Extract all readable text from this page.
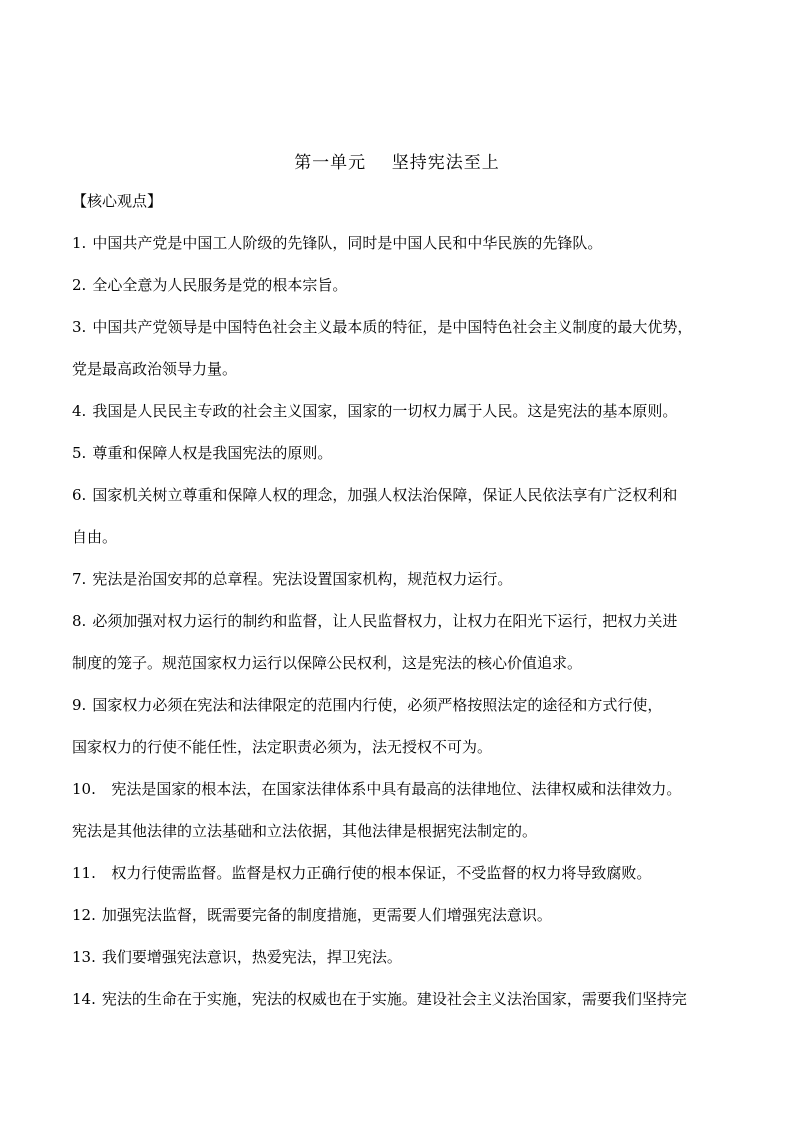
第一单元    坚持宪法至上
【核心观点】
1. 中国共产党是中国工人阶级的先锋队，同时是中国人民和中华民族的先锋队。
2. 全心全意为人民服务是党的根本宗旨。
3. 中国共产党领导是中国特色社会主义最本质的特征，是中国特色社会主义制度的最大优势，
党是最高政治领导力量。
4. 我国是人民民主专政的社会主义国家，国家的一切权力属于人民。这是宪法的基本原则。
5. 尊重和保障人权是我国宪法的原则。
6. 国家机关树立尊重和保障人权的理念，加强人权法治保障，保证人民依法享有广泛权利和
自由。
7. 宪法是治国安邦的总章程。宪法设置国家机构，规范权力运行。
8. 必须加强对权力运行的制约和监督，让人民监督权力，让权力在阳光下运行，把权力关进
制度的笼子。规范国家权力运行以保障公民权利，这是宪法的核心价值追求。
9. 国家权力必须在宪法和法律限定的范围内行使，必须严格按照法定的途径和方式行使，
国家权力的行使不能任性，法定职责必须为，法无授权不可为。
10.  宪法是国家的根本法，在国家法律体系中具有最高的法律地位、法律权威和法律效力。
宪法是其他法律的立法基础和立法依据，其他法律是根据宪法制定的。
11.  权力行使需监督。监督是权力正确行使的根本保证，不受监督的权力将导致腐败。
12. 加强宪法监督，既需要完备的制度措施，更需要人们增强宪法意识。
13. 我们要增强宪法意识，热爱宪法，捍卫宪法。
14. 宪法的生命在于实施，宪法的权威也在于实施。建设社会主义法治国家，需要我们坚持完
